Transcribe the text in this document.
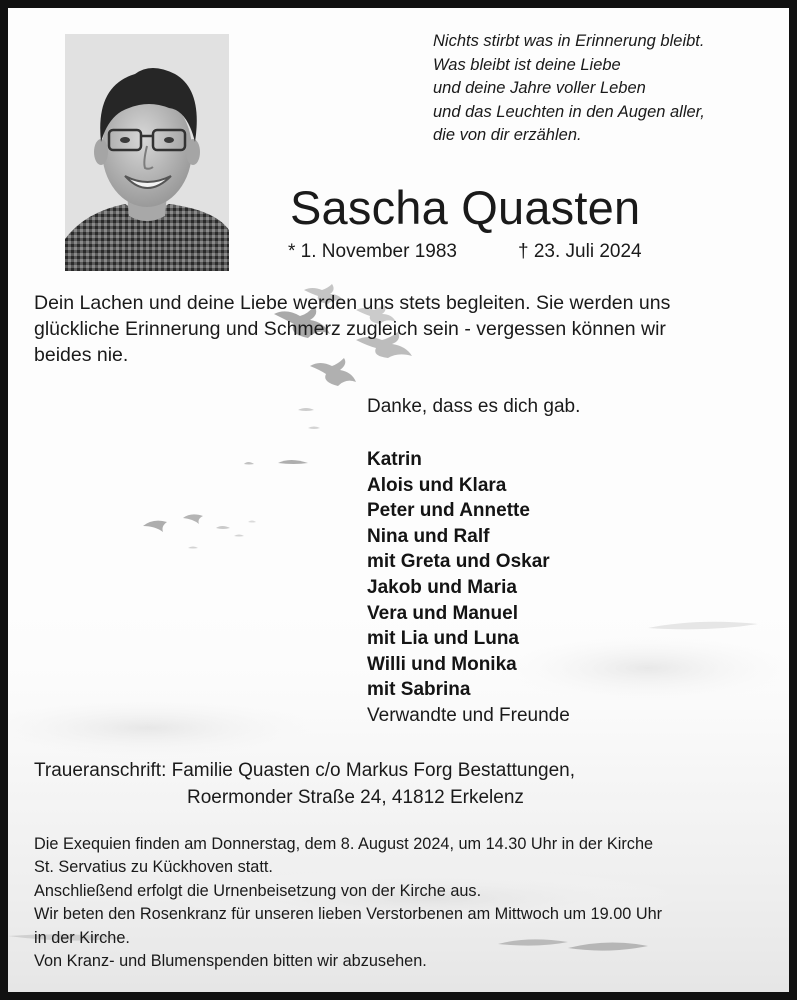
Nichts stirbt was in Erinnerung bleibt.
Was bleibt ist deine Liebe
und deine Jahre voller Leben
und das Leuchten in den Augen aller,
die von dir erzählen.
Sascha Quasten
* 1. November 1983	† 23. Juli 2024
Dein Lachen und deine Liebe werden uns stets begleiten. Sie werden uns
glückliche Erinnerung und Schmerz zugleich sein - vergessen können wir
beides nie.
Danke, dass es dich gab.
Katrin
Alois und Klara
Peter und Annette
Nina und Ralf
mit Greta und Oskar
Jakob und Maria
Vera und Manuel
mit Lia und Luna
Willi und Monika
mit Sabrina
Verwandte und Freunde
Traueranschrift: Familie Quasten c/o Markus Forg Bestattungen,
Roermonder Straße 24, 41812 Erkelenz
Die Exequien finden am Donnerstag, dem 8. August 2024, um 14.30 Uhr in der Kirche
St. Servatius zu Kückhoven statt.
Anschließend erfolgt die Urnenbeisetzung von der Kirche aus.
Wir beten den Rosenkranz für unseren lieben Verstorbenen am Mittwoch um 19.00 Uhr
in der Kirche.
Von Kranz- und Blumenspenden bitten wir abzusehen.
